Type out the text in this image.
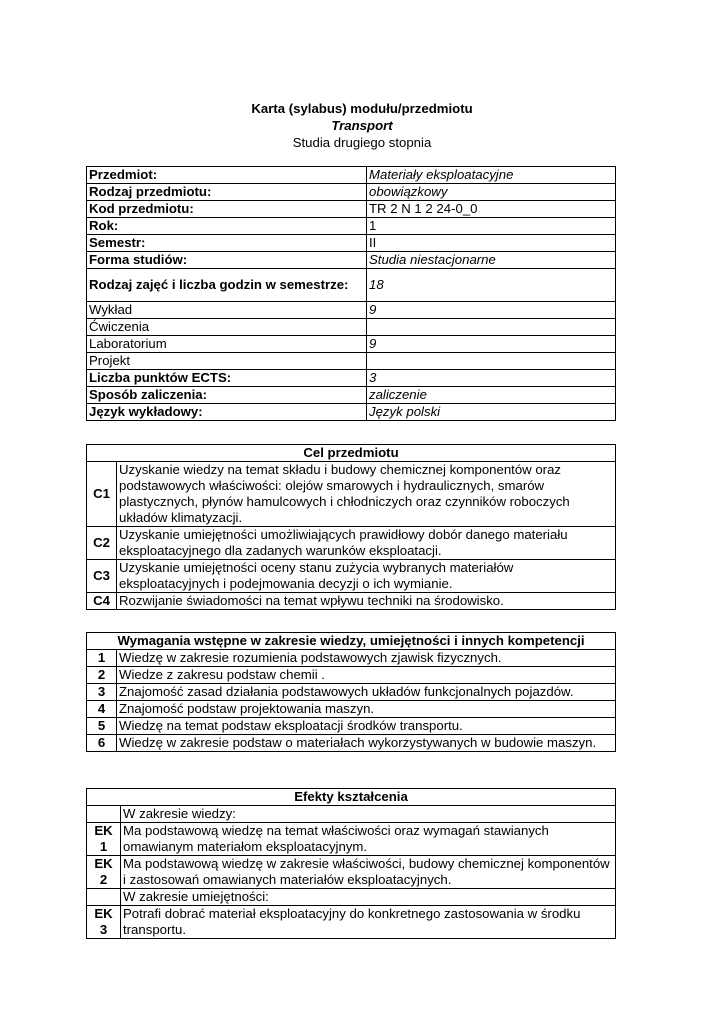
Karta (sylabus) modułu/przedmiotu
Transport
Studia drugiego stopnia
Przedmiot:	Materiały eksploatacyjne
Rodzaj przedmiotu:	obowiązkowy
Kod przedmiotu:	TR 2 N 1 2 24-0_0
Rok:	1
Semestr:	II
Forma studiów:	Studia niestacjonarne
Rodzaj zajęć i liczba godzin w semestrze:	18
Wykład	9
Ćwiczenia	
Laboratorium	9
Projekt	
Liczba punktów ECTS:	3
Sposób zaliczenia:	zaliczenie
Język wykładowy:	Język polski
Cel przedmiotu	
C1	Uzyskanie wiedzy na temat składu i budowy chemicznej komponentów oraz podstawowych właściwości: olejów smarowych i hydraulicznych, smarów plastycznych, płynów hamulcowych i chłodniczych oraz czynników roboczych układów klimatyzacji.
C2	Uzyskanie umiejętności umożliwiających prawidłowy dobór danego materiału eksploatacyjnego dla zadanych warunków eksploatacji.
C3	Uzyskanie umiejętności oceny stanu zużycia wybranych materiałów eksploatacyjnych i podejmowania decyzji o ich wymianie.
C4	Rozwijanie świadomości na temat wpływu techniki na środowisko.
Wymagania wstępne w zakresie wiedzy, umiejętności i innych kompetencji	
1	Wiedzę w zakresie rozumienia podstawowych zjawisk fizycznych.
2	Wiedze z zakresu podstaw chemii .
3	Znajomość zasad działania podstawowych układów funkcjonalnych pojazdów.
4	Znajomość podstaw projektowania maszyn.
5	Wiedzę na temat podstaw eksploatacji środków transportu.
6	Wiedzę w zakresie podstaw o materiałach wykorzystywanych w budowie maszyn.
Efekty kształcenia	
	W zakresie wiedzy:
EK 1	Ma podstawową wiedzę na temat właściwości oraz wymagań stawianych omawianym materiałom eksploatacyjnym.
EK 2	Ma podstawową wiedzę w zakresie właściwości, budowy chemicznej komponentów i zastosowań omawianych materiałów eksploatacyjnych.
	W zakresie umiejętności:
EK 3	Potrafi dobrać materiał eksploatacyjny do konkretnego zastosowania w środku transportu.
